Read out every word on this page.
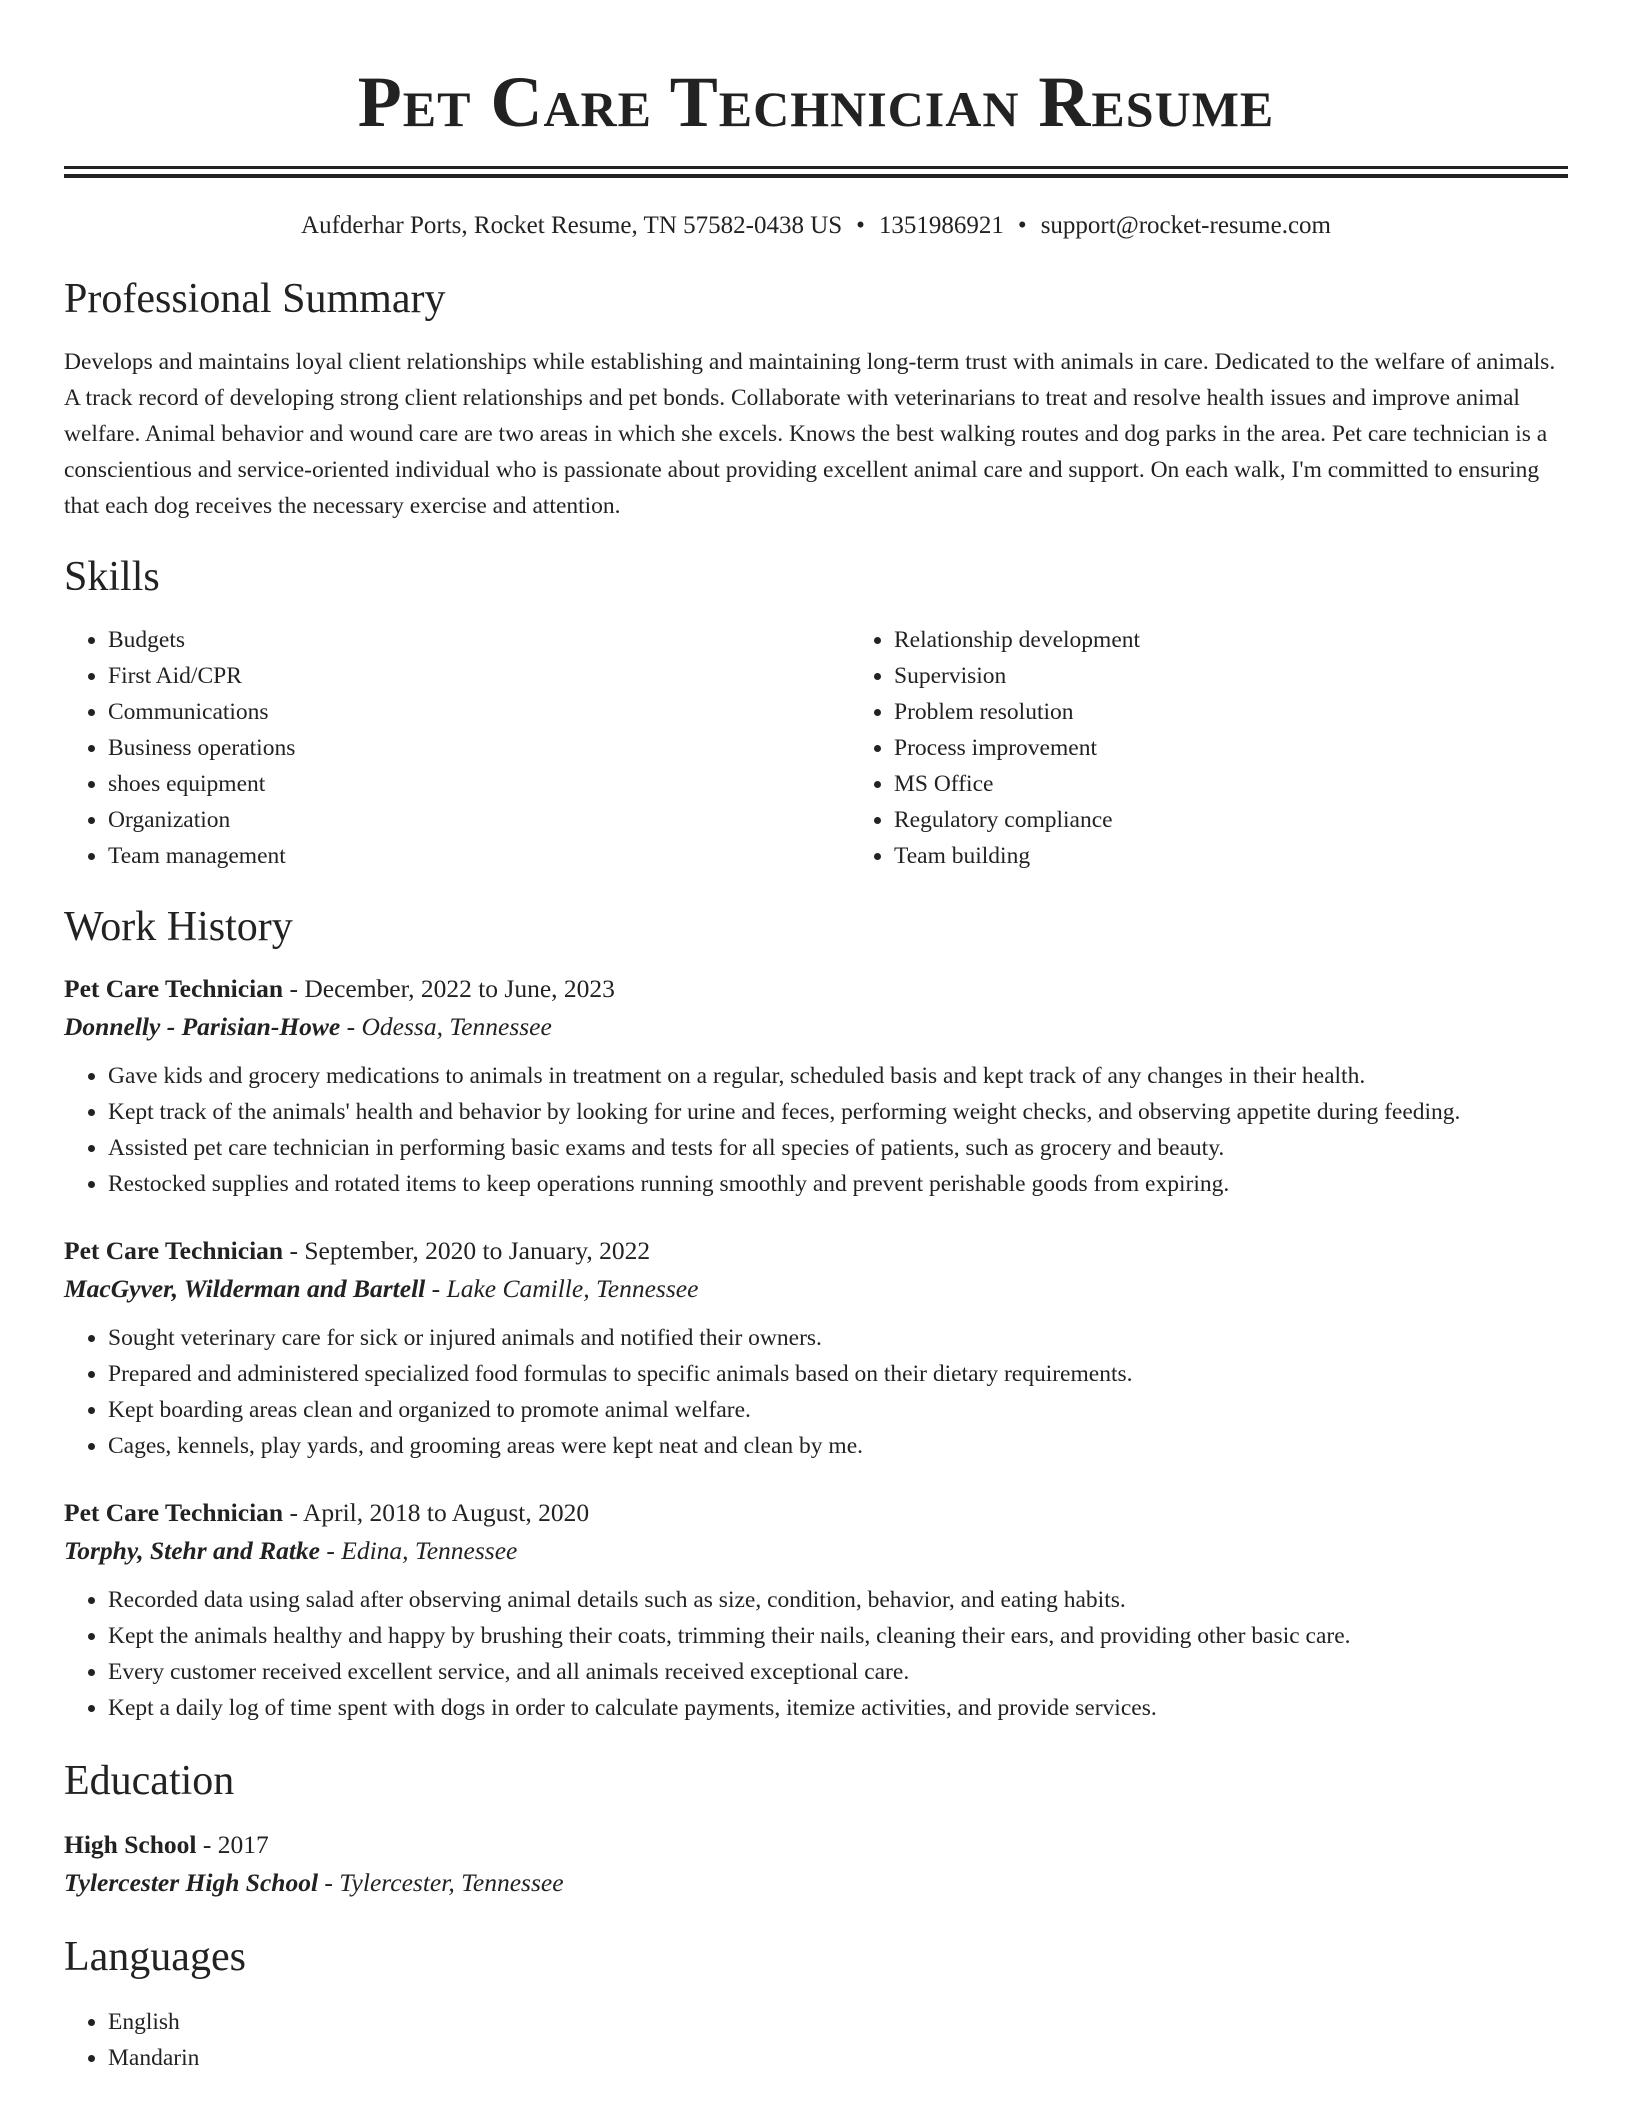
Pet Care Technician Resume
Aufderhar Ports, Rocket Resume, TN 57582-0438 US • 1351986921 • support@rocket-resume.com
Professional Summary

Develops and maintains loyal client relationships while establishing and maintaining long-term trust with animals in care. Dedicated to the welfare of animals. A track record of developing strong client relationships and pet bonds. Collaborate with veterinarians to treat and resolve health issues and improve animal welfare. Animal behavior and wound care are two areas in which she excels. Knows the best walking routes and dog parks in the area. Pet care technician is a conscientious and service-oriented individual who is passionate about providing excellent animal care and support. On each walk, I'm committed to ensuring that each dog receives the necessary exercise and attention.

Skills
• Budgets
• First Aid/CPR
• Communications
• Business operations
• shoes equipment
• Organization
• Team management
• Relationship development
• Supervision
• Problem resolution
• Process improvement
• MS Office
• Regulatory compliance
• Team building
Work History
Pet Care Technician - December, 2022 to June, 2023
Donnelly - Parisian-Howe - Odessa, Tennessee
• Gave kids and grocery medications to animals in treatment on a regular, scheduled basis and kept track of any changes in their health.
• Kept track of the animals' health and behavior by looking for urine and feces, performing weight checks, and observing appetite during feeding.
• Assisted pet care technician in performing basic exams and tests for all species of patients, such as grocery and beauty.
• Restocked supplies and rotated items to keep operations running smoothly and prevent perishable goods from expiring.
Pet Care Technician - September, 2020 to January, 2022
MacGyver, Wilderman and Bartell - Lake Camille, Tennessee
• Sought veterinary care for sick or injured animals and notified their owners.
• Prepared and administered specialized food formulas to specific animals based on their dietary requirements.
• Kept boarding areas clean and organized to promote animal welfare.
• Cages, kennels, play yards, and grooming areas were kept neat and clean by me.
Pet Care Technician - April, 2018 to August, 2020
Torphy, Stehr and Ratke - Edina, Tennessee
• Recorded data using salad after observing animal details such as size, condition, behavior, and eating habits.
• Kept the animals healthy and happy by brushing their coats, trimming their nails, cleaning their ears, and providing other basic care.
• Every customer received excellent service, and all animals received exceptional care.
• Kept a daily log of time spent with dogs in order to calculate payments, itemize activities, and provide services.
Education
High School - 2017
Tylercester High School - Tylercester, Tennessee
Languages
• English
• Mandarin
